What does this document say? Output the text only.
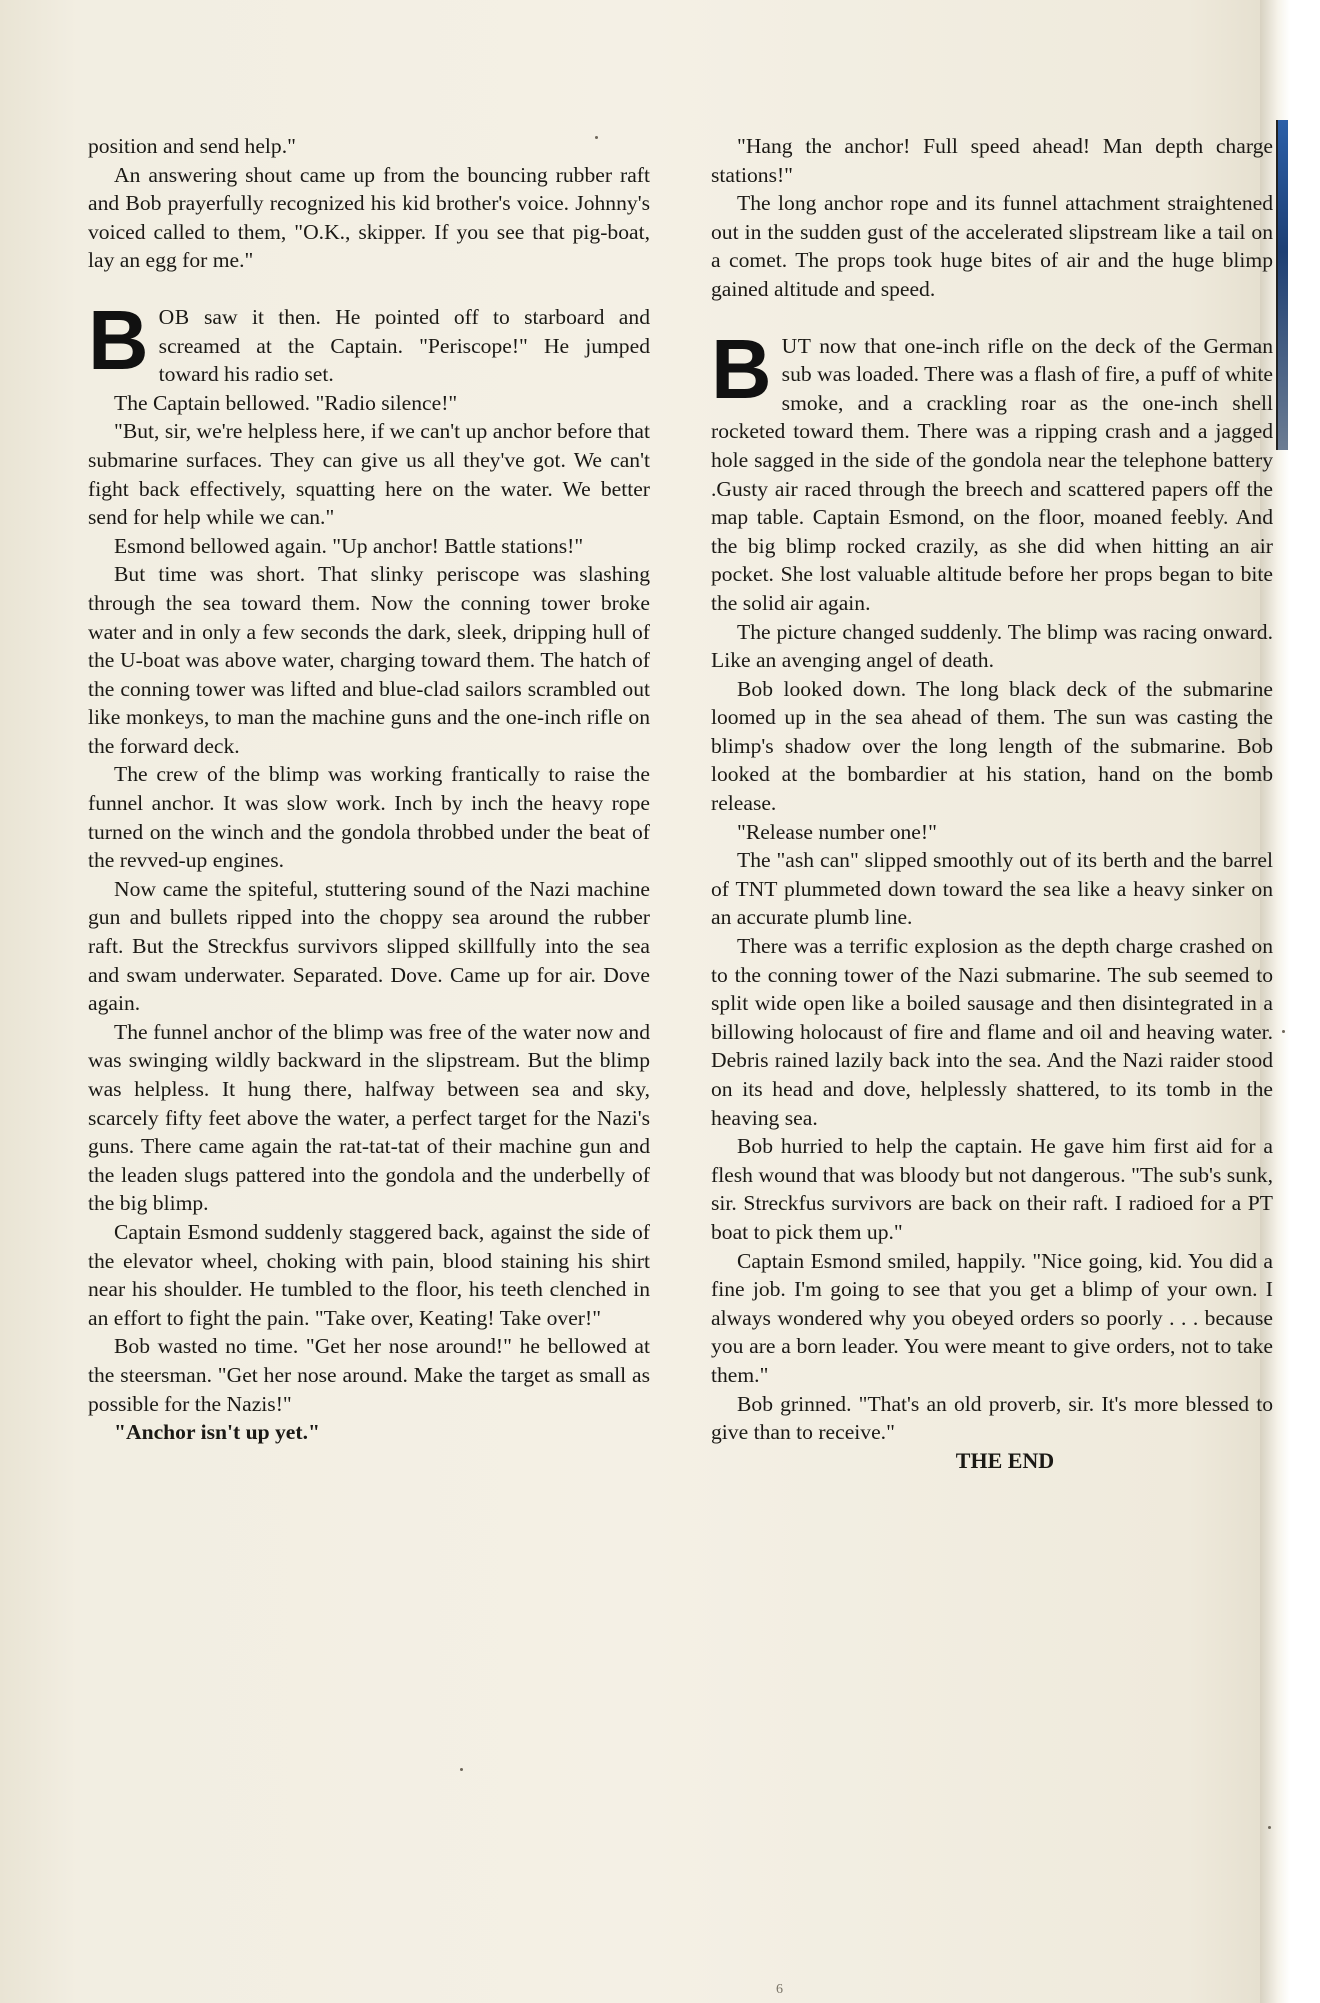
position and send help."

An answering shout came up from the bouncing rubber raft and Bob prayerfully recognized his kid brother's voice. Johnny's voiced called to them, "O.K., skipper. If you see that pig-boat, lay an egg for me."

BOB saw it then. He pointed off to starboard and screamed at the Captain. "Periscope!" He jumped toward his radio set.

The Captain bellowed. "Radio silence!"

"But, sir, we're helpless here, if we can't up anchor before that submarine surfaces. They can give us all they've got. We can't fight back effectively, squatting here on the water. We better send for help while we can."

Esmond bellowed again. "Up anchor! Battle stations!"

But time was short. That slinky periscope was slashing through the sea toward them. Now the conning tower broke water and in only a few seconds the dark, sleek, dripping hull of the U-boat was above water, charging toward them. The hatch of the conning tower was lifted and blue-clad sailors scrambled out like monkeys, to man the machine guns and the one-inch rifle on the forward deck.

The crew of the blimp was working frantically to raise the funnel anchor. It was slow work. Inch by inch the heavy rope turned on the winch and the gondola throbbed under the beat of the revved-up engines.

Now came the spiteful, stuttering sound of the Nazi machine gun and bullets ripped into the choppy sea around the rubber raft. But the Streckfus survivors slipped skillfully into the sea and swam underwater. Separated. Dove. Came up for air. Dove again.

The funnel anchor of the blimp was free of the water now and was swinging wildly backward in the slipstream. But the blimp was helpless. It hung there, halfway between sea and sky, scarcely fifty feet above the water, a perfect target for the Nazi's guns. There came again the rat-tat-tat of their machine gun and the leaden slugs pattered into the gondola and the underbelly of the big blimp.

Captain Esmond suddenly staggered back, against the side of the elevator wheel, choking with pain, blood staining his shirt near his shoulder. He tumbled to the floor, his teeth clenched in an effort to fight the pain. "Take over, Keating! Take over!"

Bob wasted no time. "Get her nose around!" he bellowed at the steersman. "Get her nose around. Make the target as small as possible for the Nazis!"

"Anchor isn't up yet."

"Hang the anchor! Full speed ahead! Man depth charge stations!"

The long anchor rope and its funnel attachment straightened out in the sudden gust of the accelerated slipstream like a tail on a comet. The props took huge bites of air and the huge blimp gained altitude and speed.

BUT now that one-inch rifle on the deck of the German sub was loaded. There was a flash of fire, a puff of white smoke, and a crackling roar as the one-inch shell rocketed toward them. There was a ripping crash and a jagged hole sagged in the side of the gondola near the telephone battery .Gusty air raced through the breech and scattered papers off the map table. Captain Esmond, on the floor, moaned feebly. And the big blimp rocked crazily, as she did when hitting an air pocket. She lost valuable altitude before her props began to bite the solid air again.

The picture changed suddenly. The blimp was racing onward. Like an avenging angel of death.

Bob looked down. The long black deck of the submarine loomed up in the sea ahead of them. The sun was casting the blimp's shadow over the long length of the submarine. Bob looked at the bombardier at his station, hand on the bomb release.

"Release number one!"

The "ash can" slipped smoothly out of its berth and the barrel of TNT plummeted down toward the sea like a heavy sinker on an accurate plumb line.

There was a terrific explosion as the depth charge crashed on to the conning tower of the Nazi submarine. The sub seemed to split wide open like a boiled sausage and then disintegrated in a billowing holocaust of fire and flame and oil and heaving water. Debris rained lazily back into the sea. And the Nazi raider stood on its head and dove, helplessly shattered, to its tomb in the heaving sea.

Bob hurried to help the captain. He gave him first aid for a flesh wound that was bloody but not dangerous. "The sub's sunk, sir. Streckfus survivors are back on their raft. I radioed for a PT boat to pick them up."

Captain Esmond smiled, happily. "Nice going, kid. You did a fine job. I'm going to see that you get a blimp of your own. I always wondered why you obeyed orders so poorly . . . because you are a born leader. You were meant to give orders, not to take them."

Bob grinned. "That's an old proverb, sir. It's more blessed to give than to receive."

THE END

6
